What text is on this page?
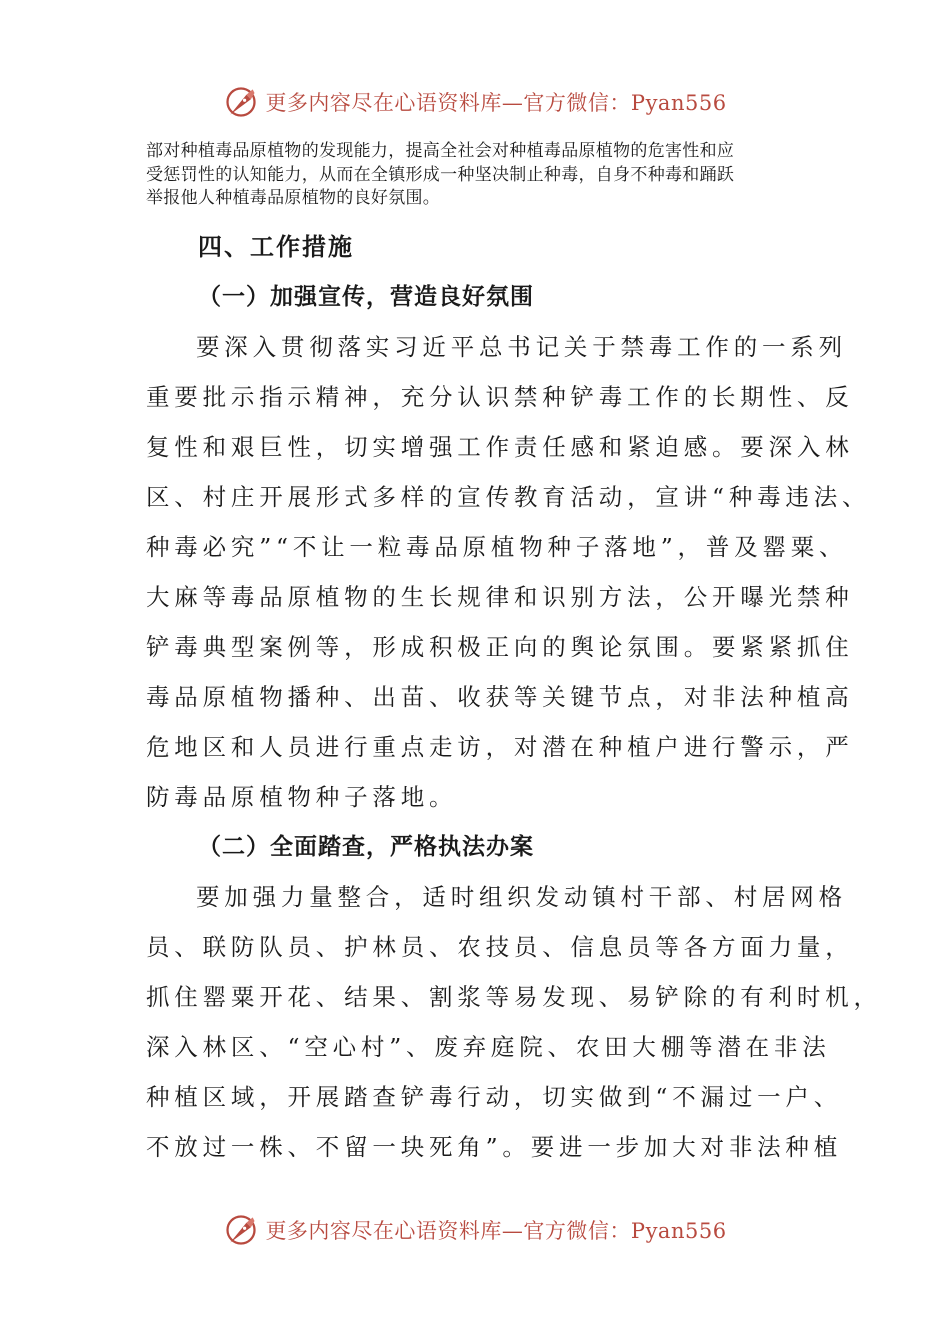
更多内容尽在心语资料库—官方微信：Pyan556

部对种植毒品原植物的发现能力，提高全社会对种植毒品原植物的危害性和应

受惩罚性的认知能力，从而在全镇形成一种坚决制止种毒，自身不种毒和踊跃

举报他人种植毒品原植物的良好氛围。

四、工作措施

（一）加强宣传，营造良好氛围

要深入贯彻落实习近平总书记关于禁毒工作的一系列

重要批示指示精神，充分认识禁种铲毒工作的长期性、反

复性和艰巨性，切实增强工作责任感和紧迫感。要深入林

区、村庄开展形式多样的宣传教育活动，宣讲“种毒违法、

种毒必究”“不让一粒毒品原植物种子落地”，普及罂粟、

大麻等毒品原植物的生长规律和识别方法，公开曝光禁种

铲毒典型案例等，形成积极正向的舆论氛围。要紧紧抓住

毒品原植物播种、出苗、收获等关键节点，对非法种植高

危地区和人员进行重点走访，对潜在种植户进行警示，严

防毒品原植物种子落地。

（二）全面踏查，严格执法办案

要加强力量整合，适时组织发动镇村干部、村居网格

员、联防队员、护林员、农技员、信息员等各方面力量，

抓住罂粟开花、结果、割浆等易发现、易铲除的有利时机，

深入林区、“空心村”、废弃庭院、农田大棚等潜在非法

种植区域，开展踏查铲毒行动，切实做到“不漏过一户、

不放过一株、不留一块死角”。要进一步加大对非法种植

更多内容尽在心语资料库—官方微信：Pyan556
